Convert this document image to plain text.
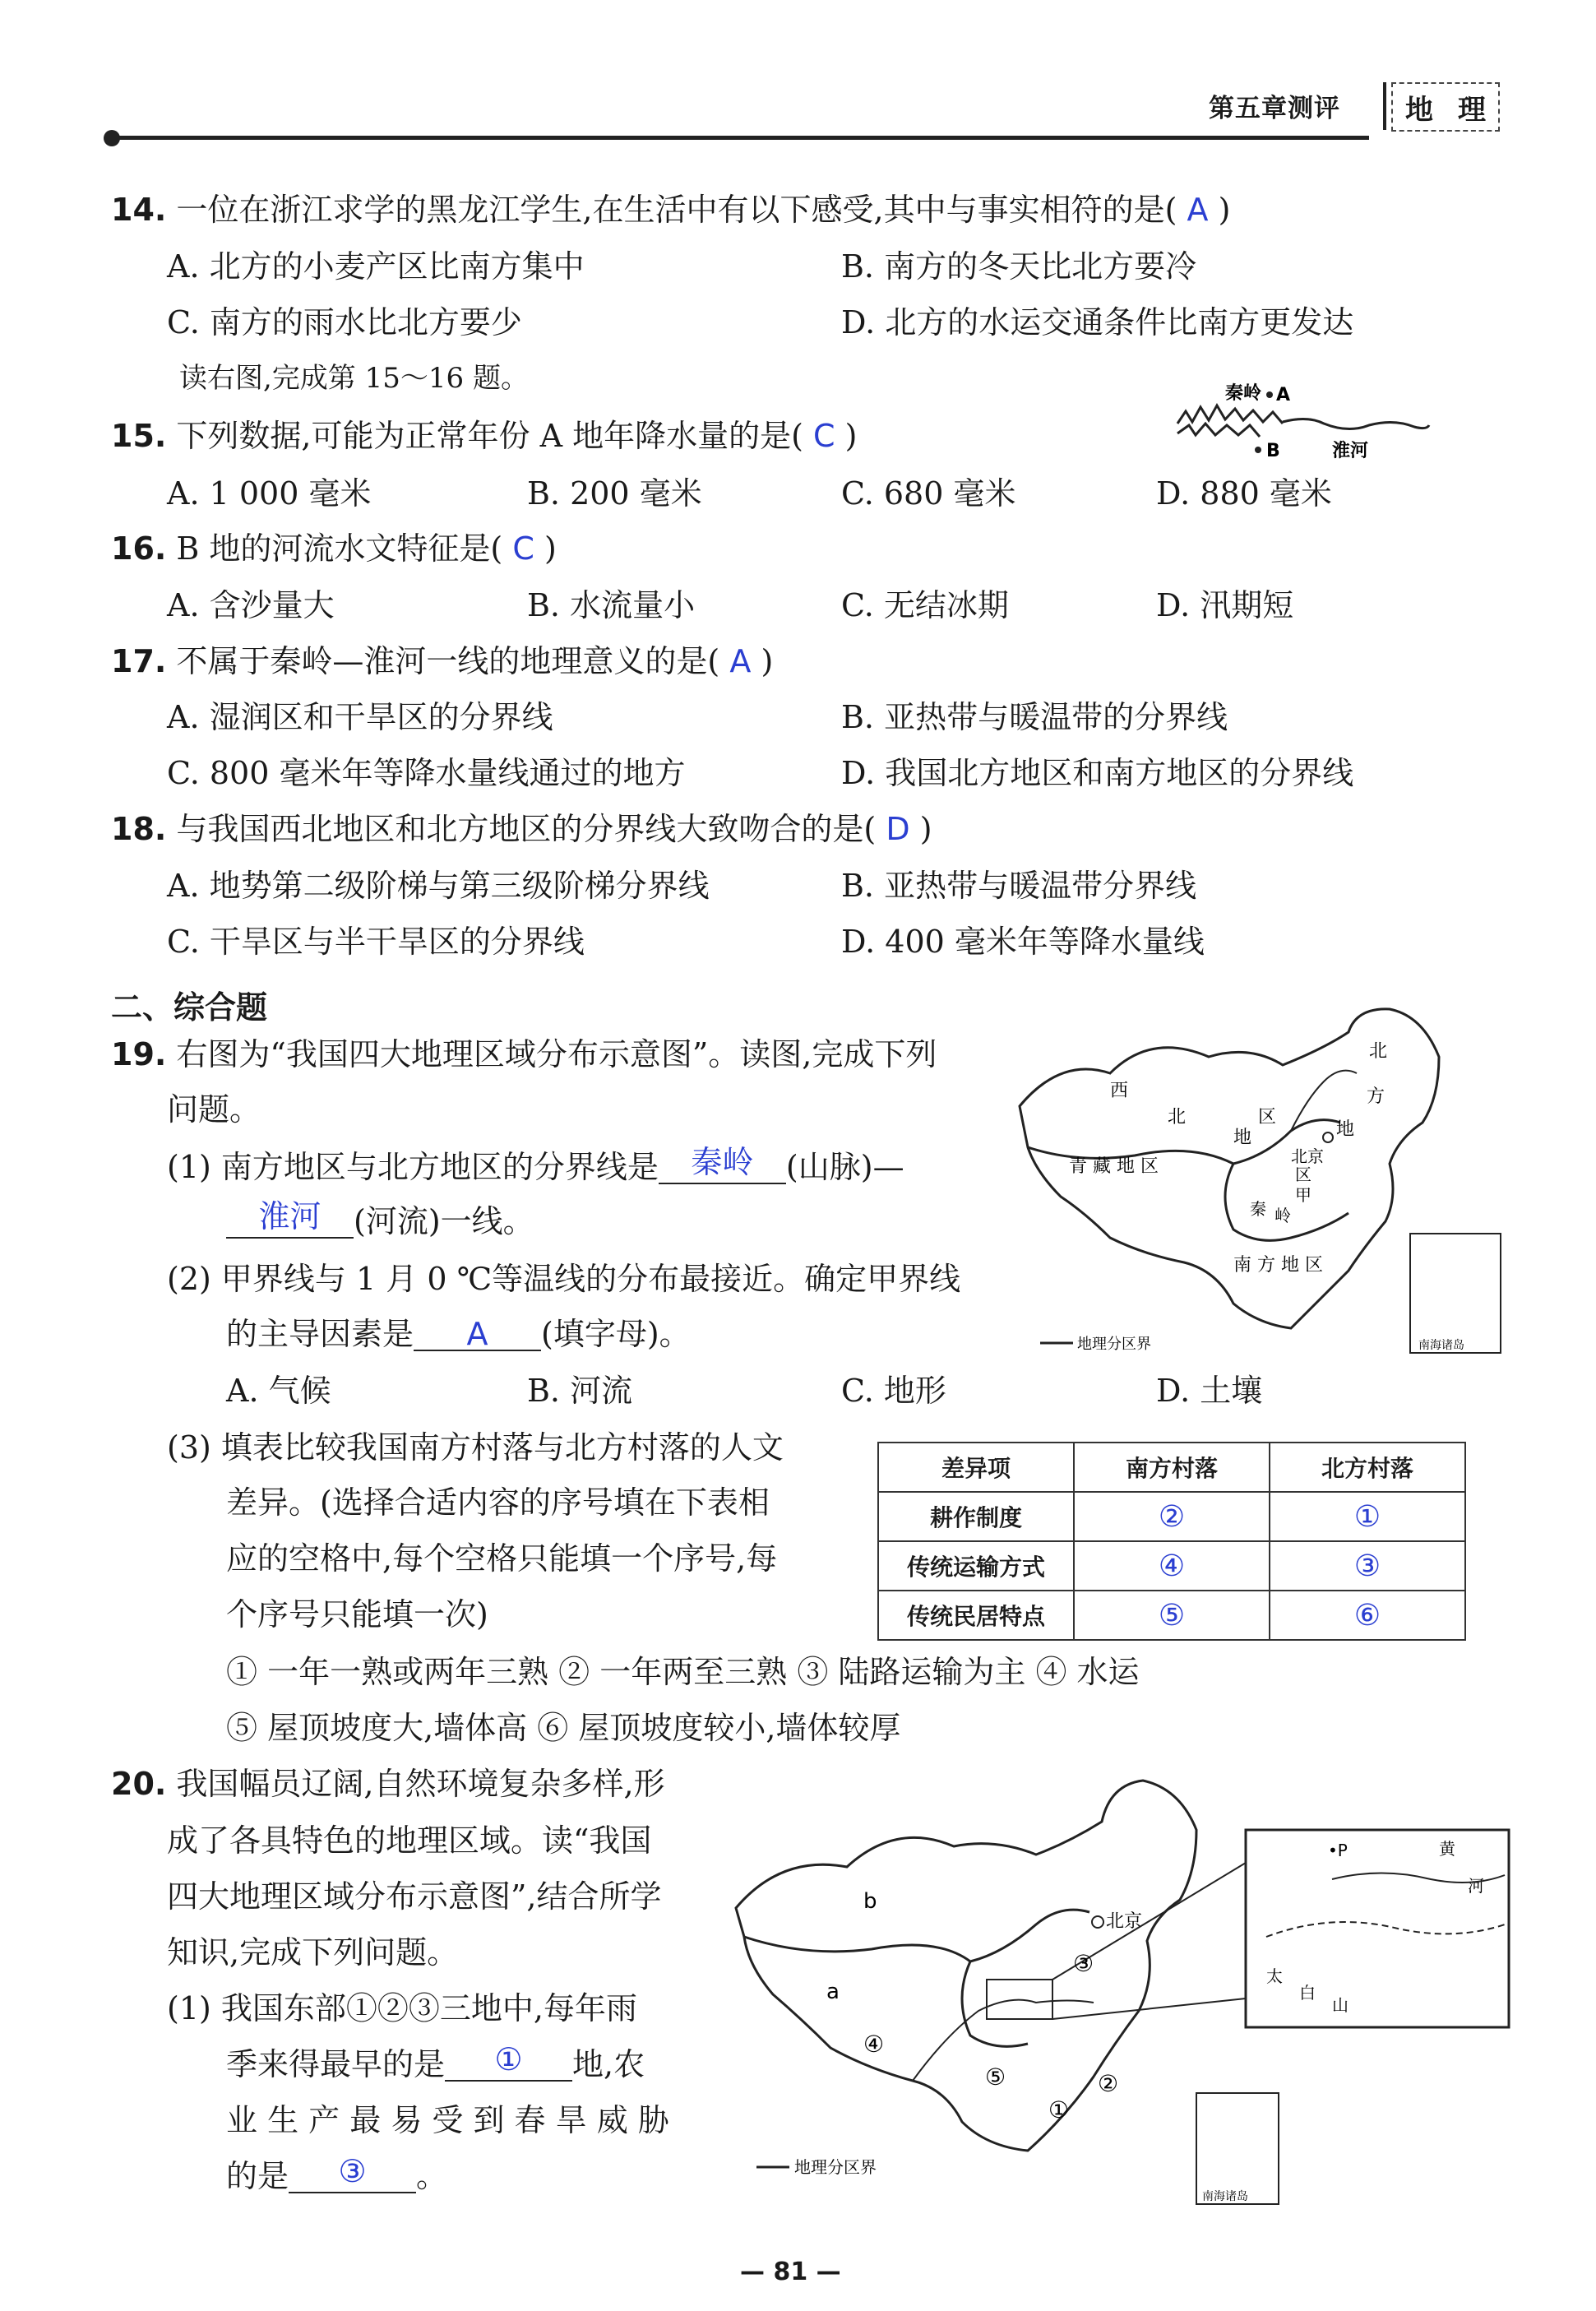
第五章测评 地 理
14. 一位在浙江求学的黑龙江学生,在生活中有以下感受,其中与事实相符的是( A )
A. 北方的小麦产区比南方集中	B. 南方的冬天比北方要冷
C. 南方的雨水比北方要少	D. 北方的水运交通条件比南方更发达
读右图,完成第 15～16 题。	秦岭 A
B	淮河
15. 下列数据,可能为正常年份 A 地年降水量的是( C )
A. 1 000 毫米	B. 200 毫米	C. 680 毫米	D. 880 毫米
16. B 地的河流水文特征是( C )
A. 含沙量大	B. 水流量小	C. 无结冰期	D. 汛期短
17. 不属于秦岭—淮河一线的地理意义的是( A )
A. 湿润区和干旱区的分界线	B. 亚热带与暖温带的分界线
C. 800 毫米年等降水量线通过的地方	D. 我国北方地区和南方地区的分界线
18. 与我国西北地区和北方地区的分界线大致吻合的是( D )
A. 地势第二级阶梯与第三级阶梯分界线	B. 亚热带与暖温带分界线
C. 干旱区与半干旱区的分界线	D. 400 毫米年等降水量线
二、综合题
19. 右图为“我国四大地理区域分布示意图”。读图,完成下列
问题。
(1) 南方地区与北方地区的分界线是 秦岭 (山脉)—
淮河 (河流)一线。
(2) 甲界线与 1 月 0 ℃等温线的分布最接近。确定甲界线
的主导因素是 A (填字母)。
A. 气候	B. 河流	C. 地形	D. 土壤
(3) 填表比较我国南方村落与北方村落的人文
差异。(选择合适内容的序号填在下表相
应的空格中,每个空格只能填一个序号,每
个序号只能填一次)
差异项	南方村落	北方村落
耕作制度	②	①
传统运输方式	④	③
传统民居特点	⑤	⑥
① 一年一熟或两年三熟 ② 一年两至三熟 ③ 陆路运输为主 ④ 水运
⑤ 屋顶坡度大,墙体高 ⑥ 屋顶坡度较小,墙体较厚
西
北	区
地
北
方
地
青 藏 地 区	北京
甲
区
秦 岭
南 方 地 区
地理分区界	南海诸岛
20. 我国幅员辽阔,自然环境复杂多样,形
成了各具特色的地理区域。读“我国
四大地理区域分布示意图”,结合所学
知识,完成下列问题。
(1) 我国东部①②③三地中,每年雨
季来得最早的是 ① 地,农
业 生 产 最 易 受 到 春 旱 威 胁
的是 ③ 。
b
a
北京
③
④
⑤
①
②
地理分区界
南海诸岛
•P	黄
河
太
白
山
— 81 —
